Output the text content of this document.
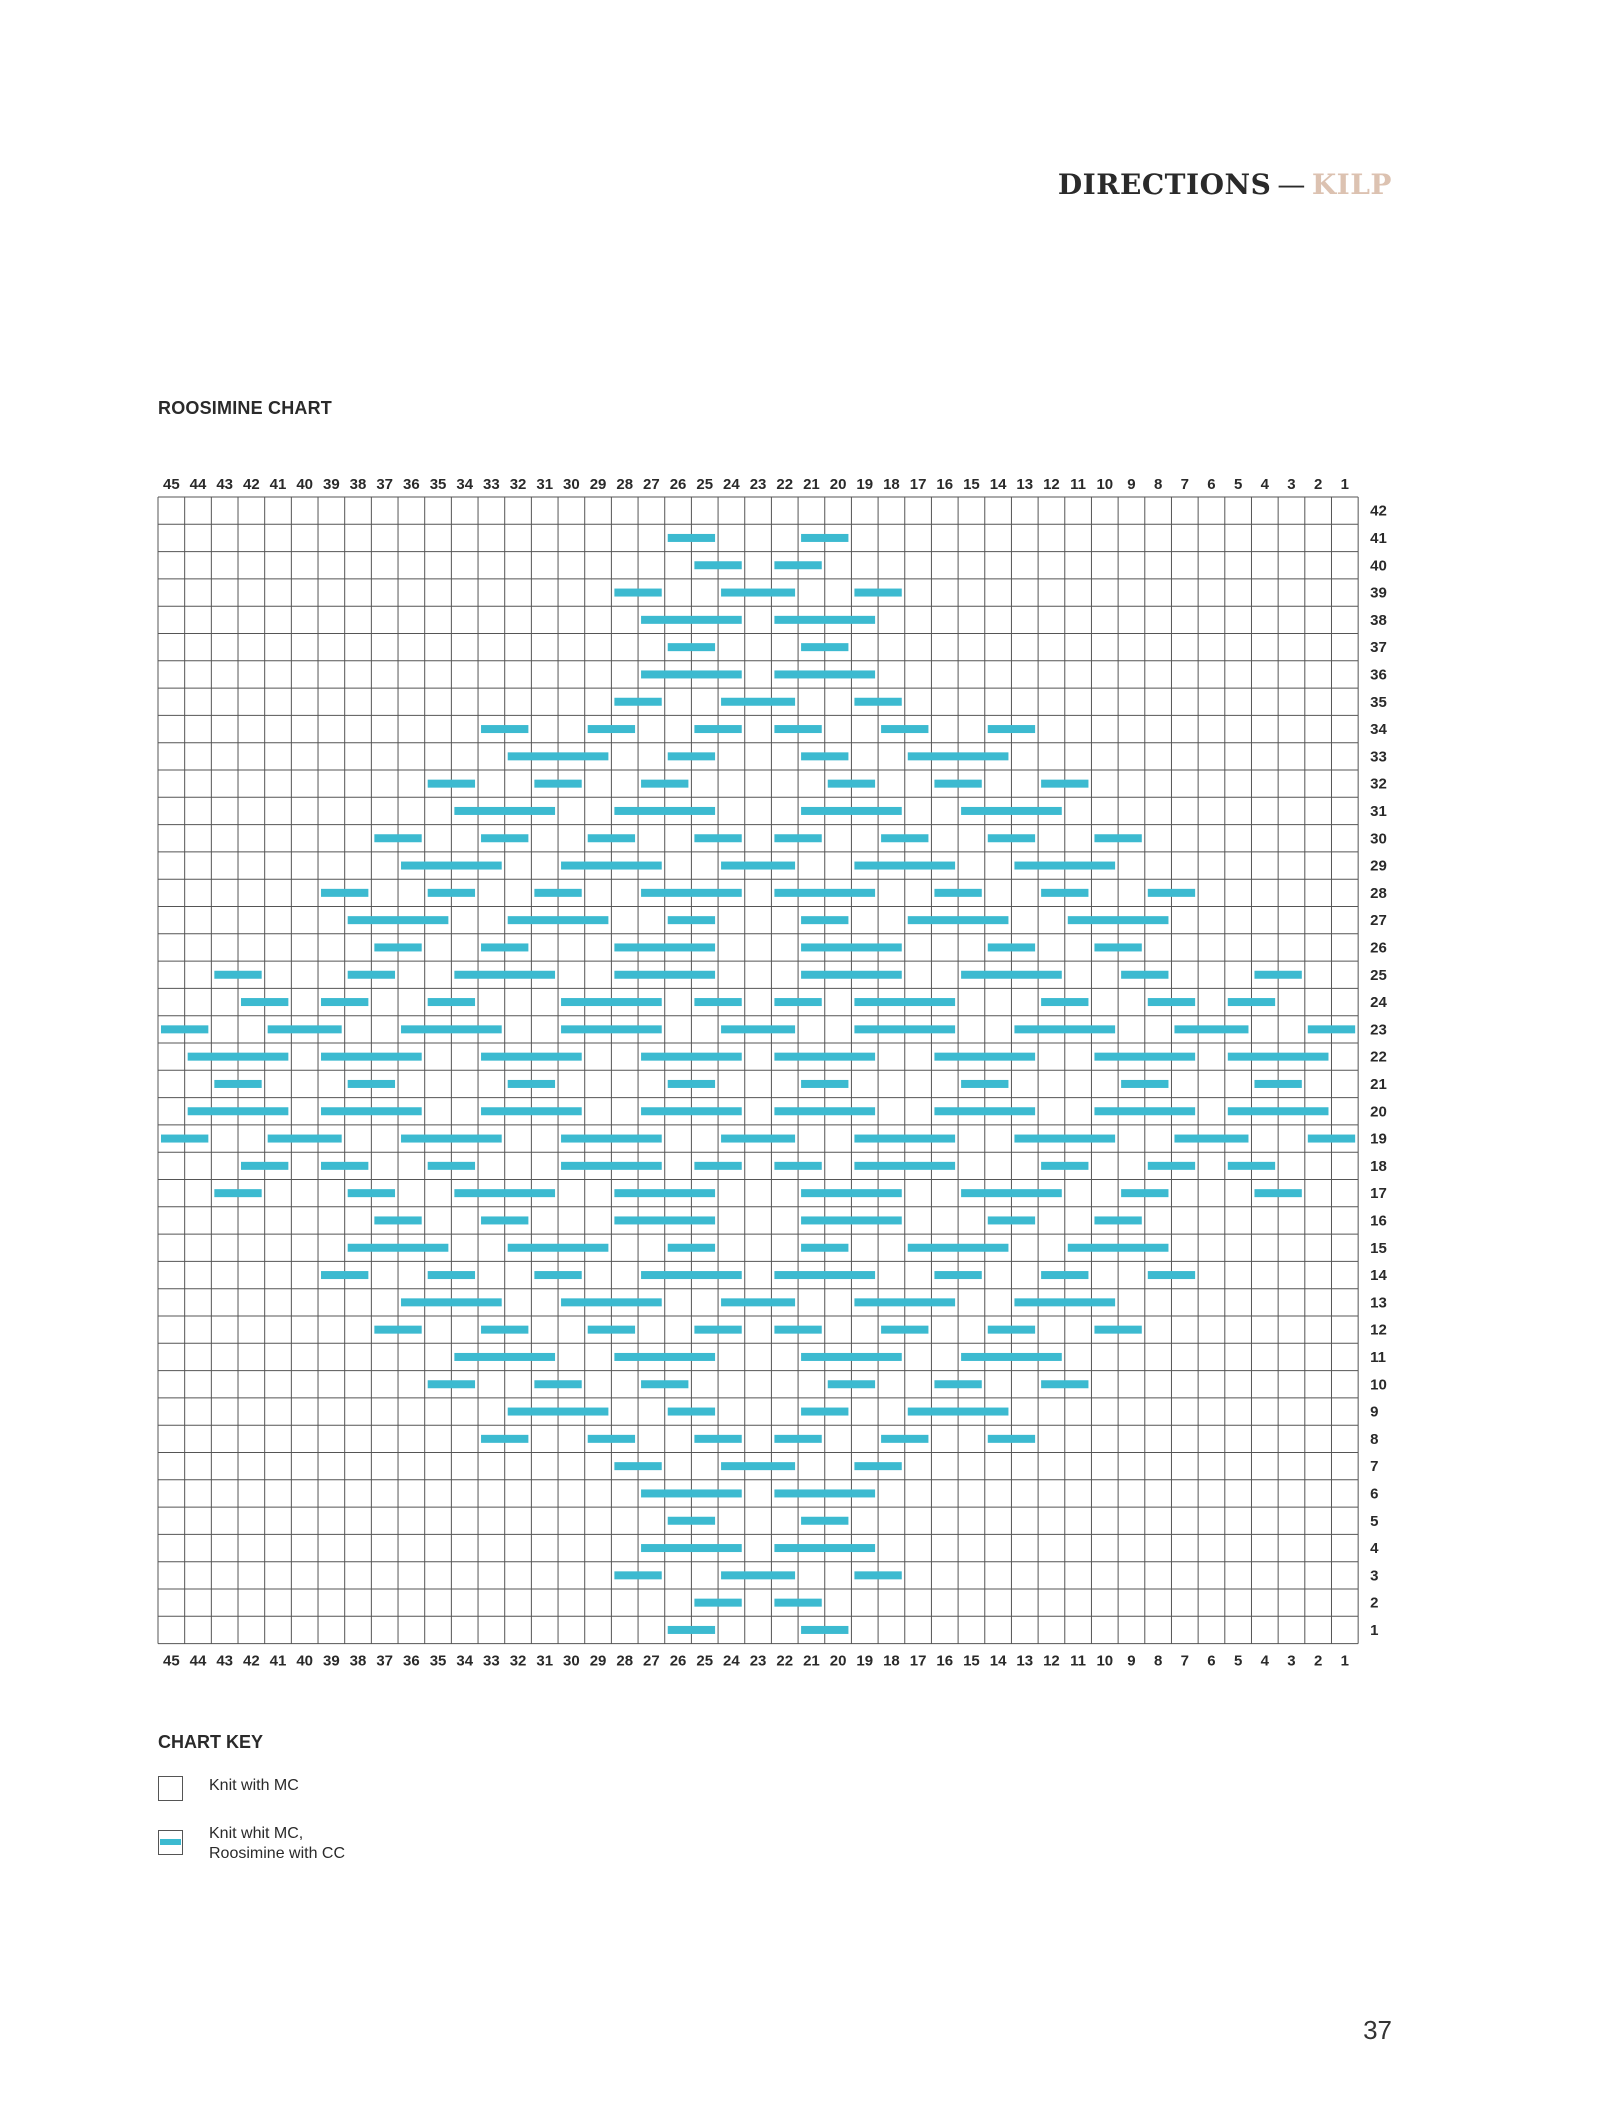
DIRECTIONS — KILP
ROOSIMINE CHART
1
1
2
2
3
3
4
4
5
5
6
6
7
7
8
8
9
9
10
10
11
11
12
12
13
13
14
14
15
15
16
16
17
17
18
18
19
19
20
20
21
21
22
22
23
23
24
24
25
25
26
26
27
27
28
28
29
29
30
30
31
31
32
32
33
33
34
34
35
35
36
36
37
37
38
38
39
39
40
40
41
41
42
42
43
43
44
44
45
45
1
2
3
4
5
6
7
8
9
10
11
12
13
14
15
16
17
18
19
20
21
22
23
24
25
26
27
28
29
30
31
32
33
34
35
36
37
38
39
40
41
42
CHART KEY
Knit with MC
Knit whit MC,
Roosimine with CC
37
